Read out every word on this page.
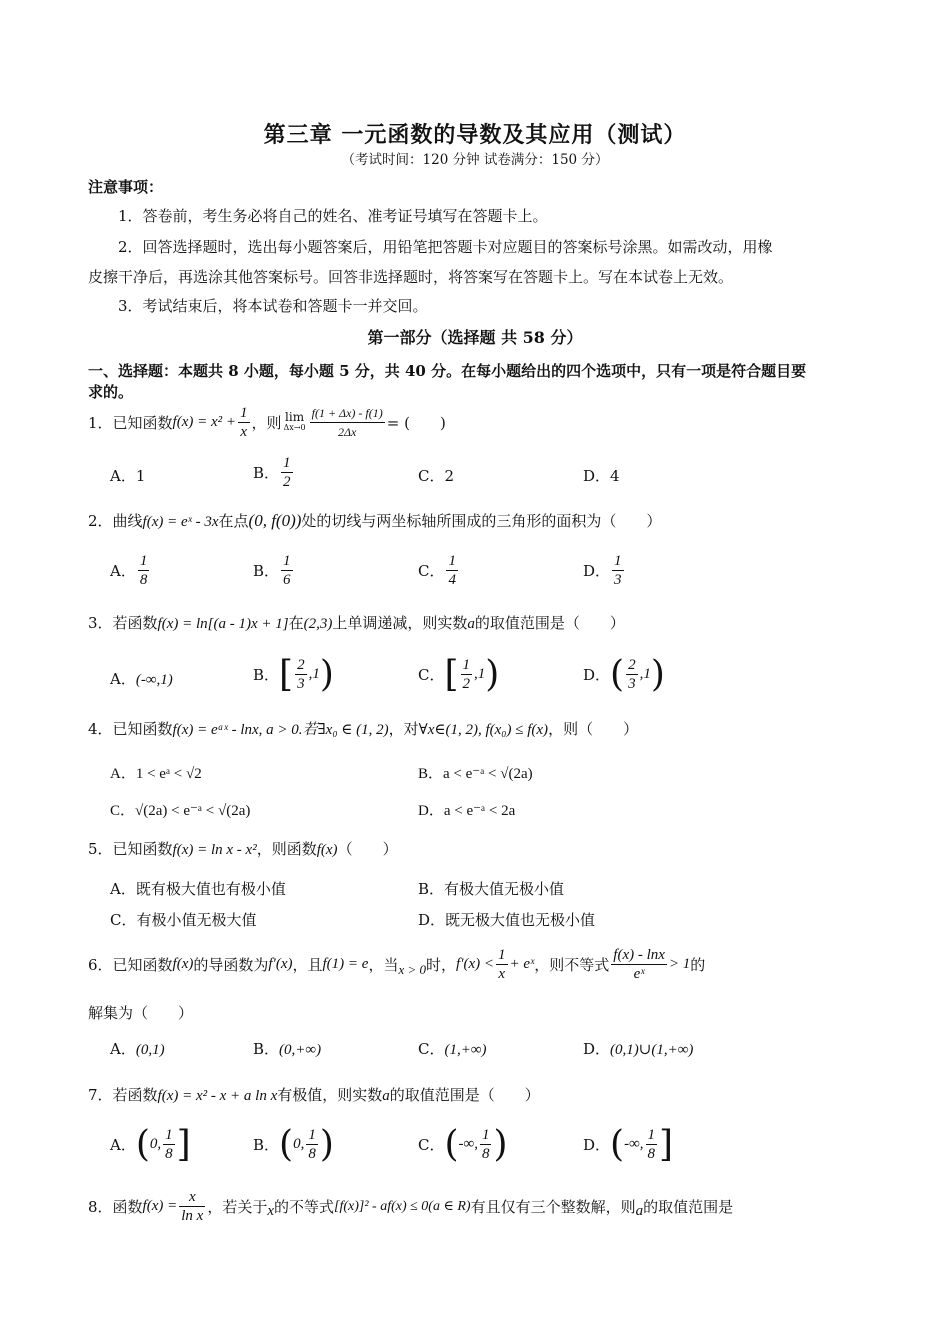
第三章 一元函数的导数及其应用（测试）
（考试时间：120 分钟 试卷满分：150 分）
注意事项：
1．答卷前，考生务必将自己的姓名、准考证号填写在答题卡上。
2．回答选择题时，选出每小题答案后，用铅笔把答题卡对应题目的答案标号涂黑。如需改动，用橡
皮擦干净后，再选涂其他答案标号。回答非选择题时，将答案写在答题卡上。写在本试卷上无效。
3．考试结束后，将本试卷和答题卡一并交回。
第一部分（选择题 共 58 分）
一、选择题：本题共 8 小题，每小题 5 分，共 40 分。在每小题给出的四个选项中，只有一项是符合题目要
求的。
1．已知函数 $f(x) = x^2 + \frac{1}{x}$ ，则 lim
$\Delta x\to 0 \frac{f(1 + \Delta x) - f(1)}{2\Delta x}$ = (　　)
A．1	B． $\frac{1}{2}$	C．2	D．4
2．曲线f(x) = eˣ - 3x在点(0, f(0))处的切线与两坐标轴所围成的三角形的面积为（　　）
A． $\frac{1}{8}$	B． $\frac{1}{6}$	C． $\frac{1}{4}$	D． $\frac{1}{3}$
3．若函数f(x) = ln[(a - 1)x + 1]在(2,3)上单调递减，则实数a的取值范围是（　　）
A．(-∞,1)	B． [ $\frac{2}{3} ,1$ )	C． [ $\frac{1}{2} ,1$ )	D． ( $\frac{2}{3} ,1$ )
4．已知函数f(x) = eᵃˣ - lnx, a > 0.若∃x₀ ∈ (1, 2)，对∀x∈(1, 2), f(x₀) ≤ f(x)，则（　　）
A．1 < eᵃ < √2	B．a < e⁻ᵃ < √(2a)
C．√(2a) < e⁻ᵃ < √(2a)	D．a < e⁻ᵃ < 2a
5．已知函数f(x) = ln x - x²，则函数f(x)（　　）
A．既有极大值也有极小值	B．有极大值无极小值
C．有极小值无极大值	D．既无极大值也无极小值
6．已知函数 f(x) 的导函数为 f′(x) ，且 f(1) = e ，当 x > 0 时， $f'(x) < \frac{1}{x}$ + eˣ ，则不等式 $\frac{f(x) - \ln x}{\text{eˣ}} > 1$ 的
解集为（　　）
A．(0,1)	B．(0,+∞)	C．(1,+∞)	D．(0,1)∪(1,+∞)
7．若函数f(x) = x² - x + a ln x有极值，则实数a的取值范围是（　　）
A． ( 0, $\frac{1}{8}$ ]	B． ( 0, $\frac{1}{8}$ )	C． ( -∞, $\frac{1}{8}$ )	D． ( -∞, $\frac{1}{8}$ ]
8．函数 $f(x) = \frac{x}{\text{ln x}}$ ，若关于 x 的不等式 [f(x)]² - af(x) ≤ 0(a ∈ R) 有且仅有三个整数解，则 a 的取值范围是
